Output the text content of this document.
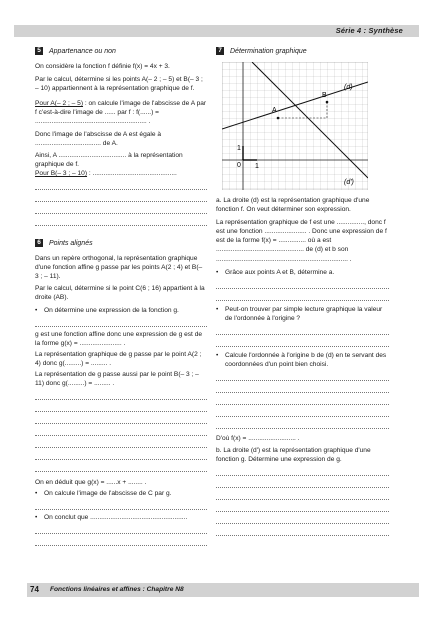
Série 4 : Synthèse
5	Appartenance ou non

On considère la fonction f définie f(x) = 4x + 3.

Par le calcul, détermine si les points A(– 2 ; – 5) et B(– 3 ; – 10) appartiennent à la représentation graphique de f.

Pour A(– 2 ; – 5) : on calcule l'image de l'abscisse de A par f c'est-à-dire l'image de ...... par f : f(......) = ............................................................. .

Donc l'image de l'abscisse de A est égale à .................................... de A.

Ainsi, A ..................................... à la représentation graphique de f.

Pour B(– 3 ; – 10) : ..............................................

6	Points alignés

Dans un repère orthogonal, la représentation graphique d'une fonction affine g passe par les points A(2 ; 4) et B(– 3 ; – 11).

Par le calcul, détermine si le point C(6 ; 16) appartient à la droite (AB).

•	On détermine une expression de la fonction g.

g est une fonction affine donc une expression de g est de la forme g(x) = ....................... .

La représentation graphique de g passe par le point A(2 ; 4) donc g(.........) = ......... .

La représentation de g passe aussi par le point B(– 3 ; – 11) donc g(.........) = ......... .

On en déduit que g(x) = ......x + ........ .

•	On calcule l'image de l'abscisse de C par g.

•	On conclut que .....................................................

7	Détermination graphique
A
B
(d)
(d')
0 1
1

a. La droite (d) est la représentation graphique d'une fonction f. On veut déterminer son expression.

La représentation graphique de f est une ..............., donc f est une fonction ....................... . Donc une expression de f est de la forme f(x) = ............... où a est ................................................ de (d) et b son ........................................................................ .

•	Grâce aux points A et B, détermine a.

•	Peut-on trouver par simple lecture graphique la valeur de l'ordonnée à l'origine ?

•	Calcule l'ordonnée à l'origine b de (d) en te servant des coordonnées d'un point bien choisi.

D'où f(x) = .......................... .

b. La droite (d') est la représentation graphique d'une fonction g. Détermine une expression de g.

74 Fonctions linéaires et affines : Chapitre N8
